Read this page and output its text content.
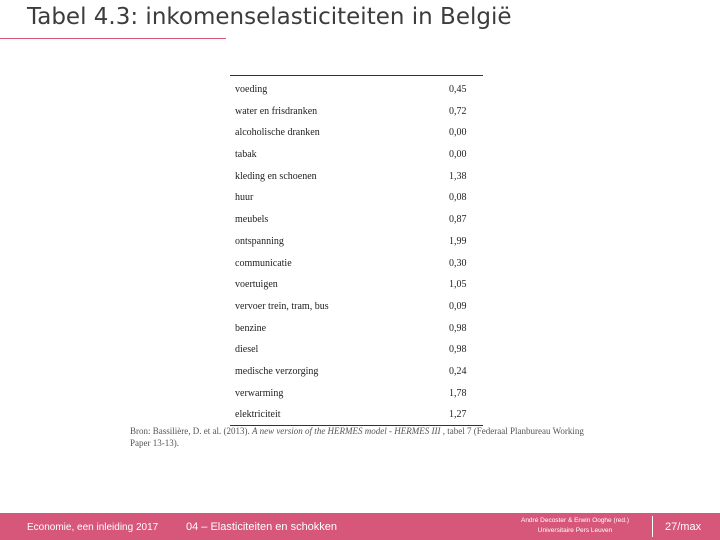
Tabel 4.3: inkomenselasticiteiten in België
voeding	0,45
water en frisdranken	0,72
alcoholische dranken	0,00
tabak	0,00
kleding en schoenen	1,38
huur	0,08
meubels	0,87
ontspanning	1,99
communicatie	0,30
voertuigen	1,05
vervoer trein, tram, bus	0,09
benzine	0,98
diesel	0,98
medische verzorging	0,24
verwarming	1,78
elektriciteit	1,27
Bron: Bassilière, D. et al. (2013). A new version of the HERMES model - HERMES III , tabel 7 (Federaal Planbureau Working Paper 13-13).
Economie, een inleiding 2017	04 – Elasticiteiten en schokken
André Decoster & Erwin Ooghe (red.)
Universitaire Pers Leuven	27/max
